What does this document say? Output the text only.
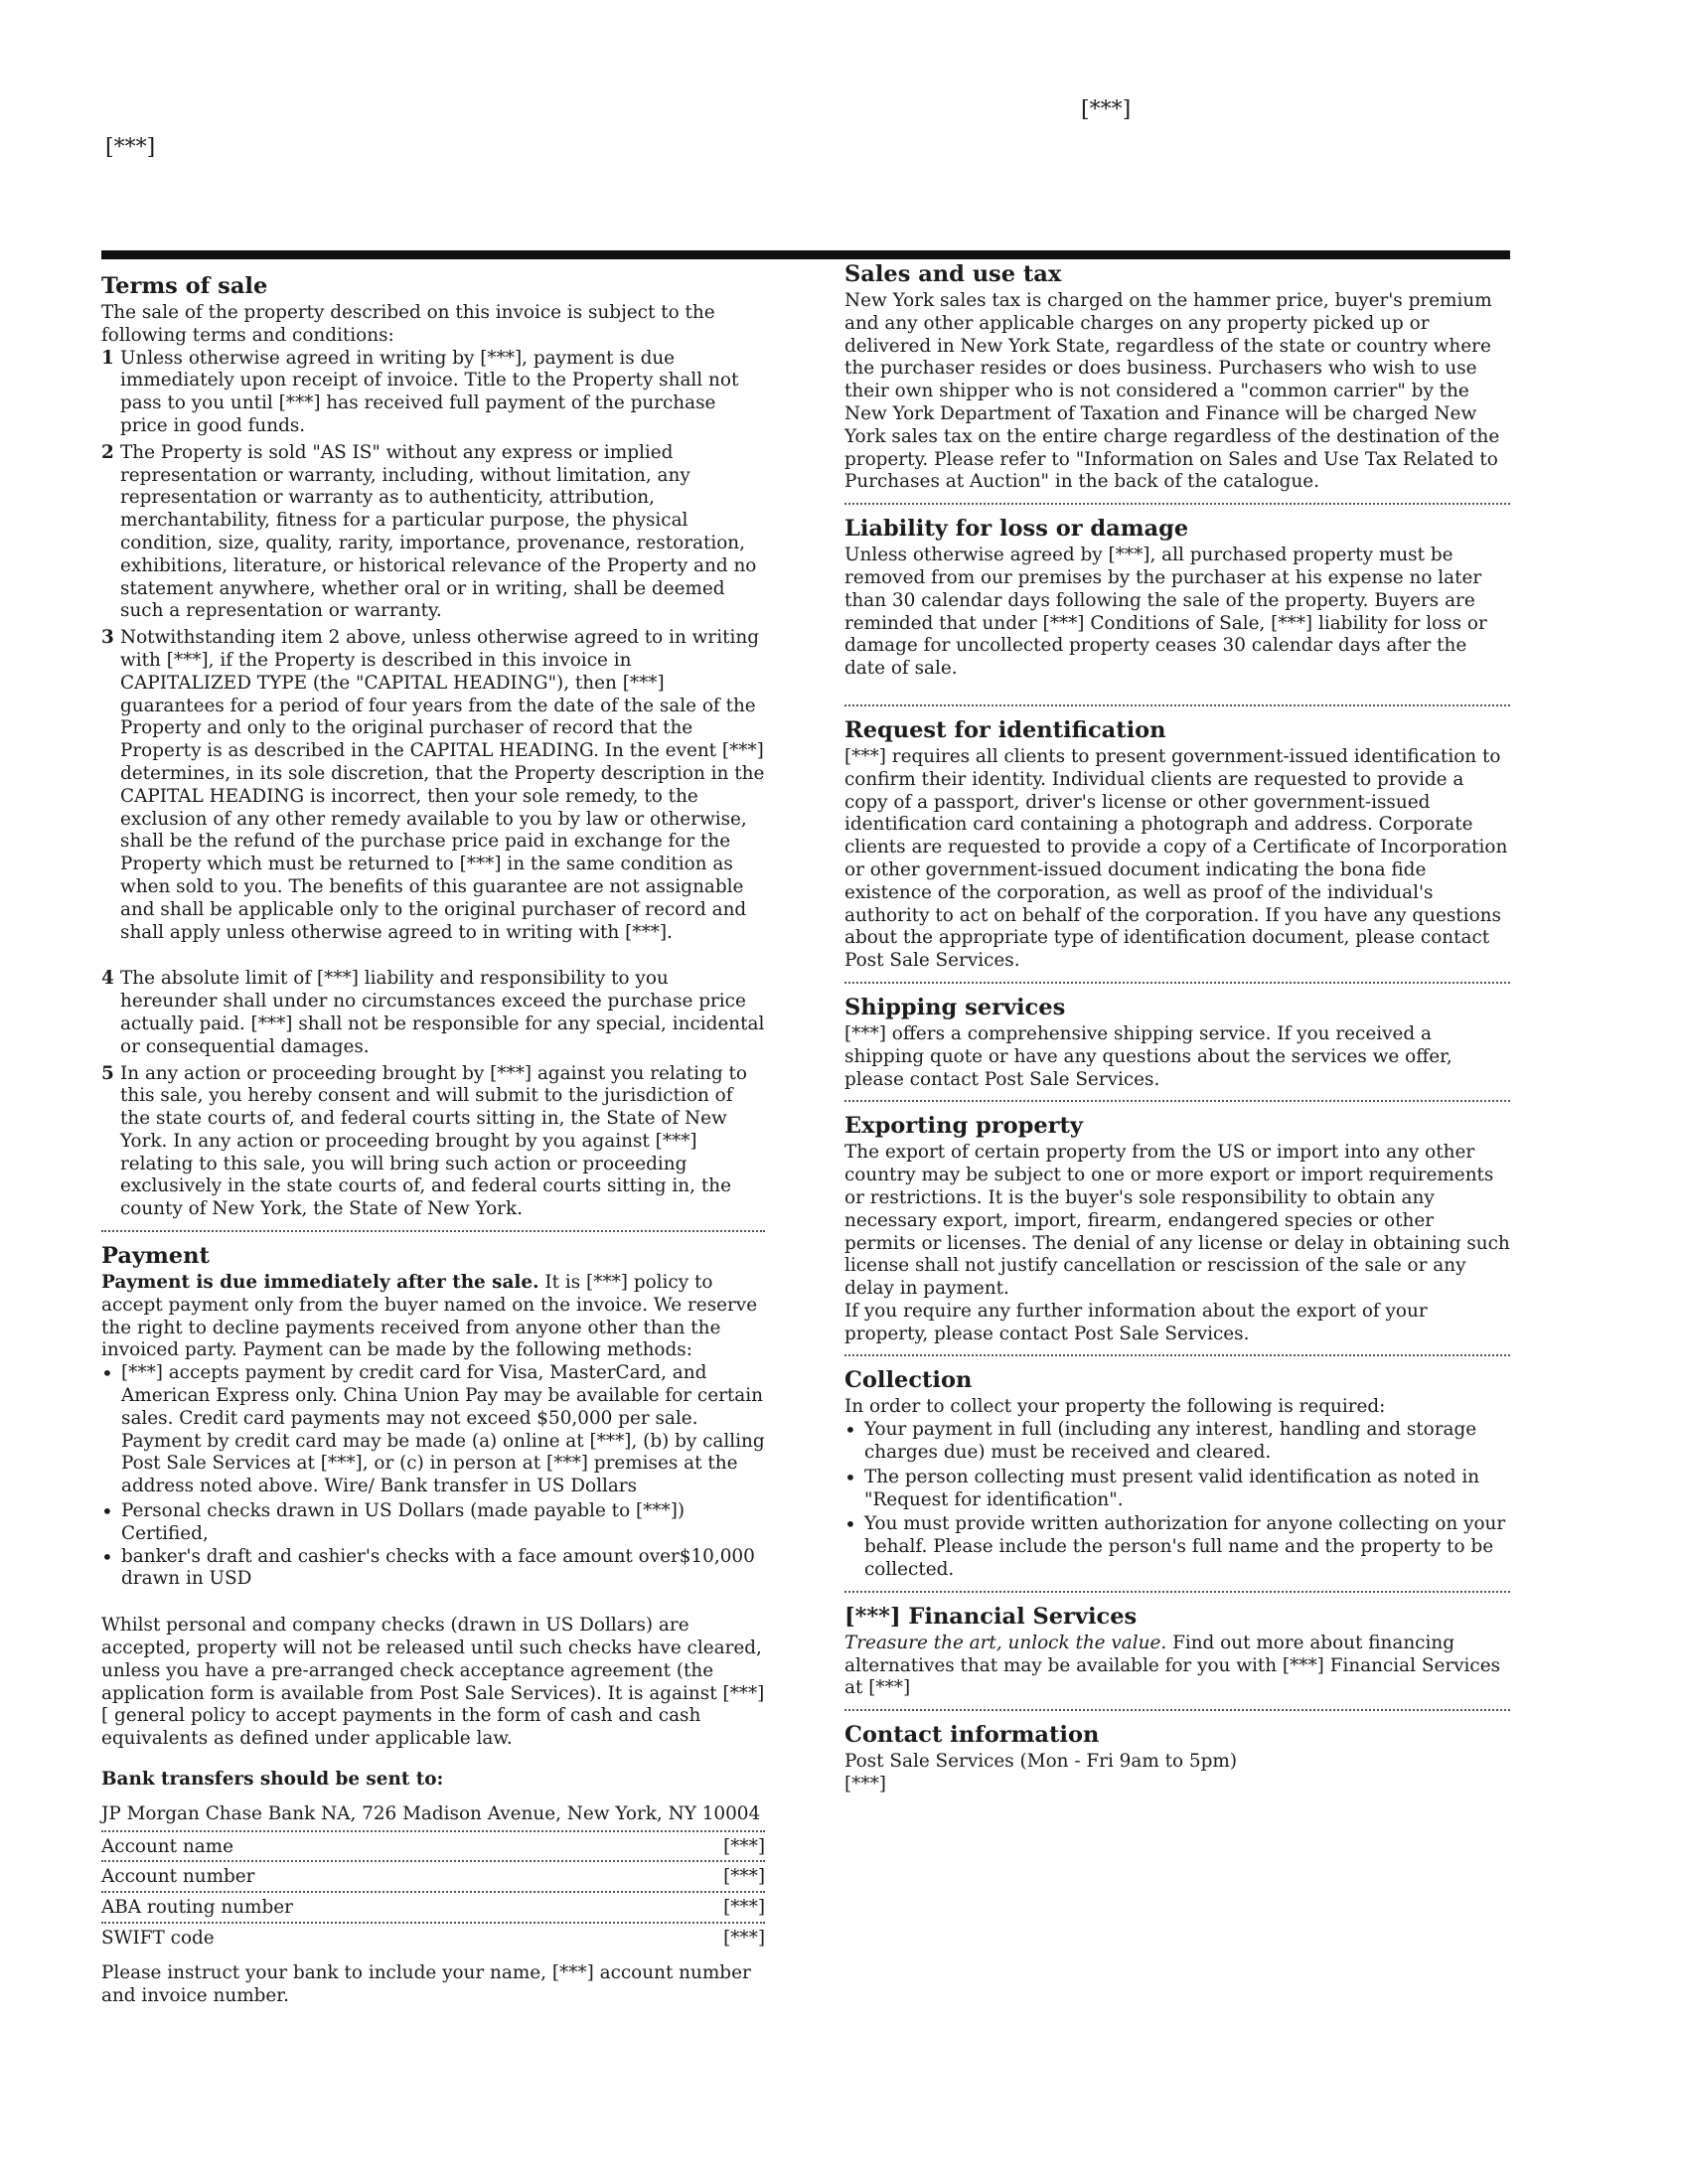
[***]
[***]
Terms of sale

The sale of the property described on this invoice is subject to the following terms and conditions:

1 Unless otherwise agreed in writing by [***], payment is due immediately upon receipt of invoice. Title to the Property shall not pass to you until [***] has received full payment of the purchase price in good funds.
2 The Property is sold "AS IS" without any express or implied representation or warranty, including, without limitation, any representation or warranty as to authenticity, attribution, merchantability, fitness for a particular purpose, the physical condition, size, quality, rarity, importance, provenance, restoration, exhibitions, literature, or historical relevance of the Property and no statement anywhere, whether oral or in writing, shall be deemed such a representation or warranty.
3 Notwithstanding item 2 above, unless otherwise agreed to in writing with [***], if the Property is described in this invoice in CAPITALIZED TYPE (the "CAPITAL HEADING"), then [***] guarantees for a period of four years from the date of the sale of the Property and only to the original purchaser of record that the Property is as described in the CAPITAL HEADING. In the event [***] determines, in its sole discretion, that the Property description in the CAPITAL HEADING is incorrect, then your sole remedy, to the exclusion of any other remedy available to you by law or otherwise, shall be the refund of the purchase price paid in exchange for the Property which must be returned to [***] in the same condition as when sold to you. The benefits of this guarantee are not assignable and shall be applicable only to the original purchaser of record and shall apply unless otherwise agreed to in writing with [***].
4 The absolute limit of [***] liability and responsibility to you hereunder shall under no circumstances exceed the purchase price actually paid. [***] shall not be responsible for any special, incidental or consequential damages.
5 In any action or proceeding brought by [***] against you relating to this sale, you hereby consent and will submit to the jurisdiction of the state courts of, and federal courts sitting in, the State of New York. In any action or proceeding brought by you against [***] relating to this sale, you will bring such action or proceeding exclusively in the state courts of, and federal courts sitting in, the county of New York, the State of New York.
Payment

Payment is due immediately after the sale. It is [***] policy to accept payment only from the buyer named on the invoice. We reserve the right to decline payments received from anyone other than the invoiced party. Payment can be made by the following methods:

• [***] accepts payment by credit card for Visa, MasterCard, and American Express only. China Union Pay may be available for certain sales. Credit card payments may not exceed $50,000 per sale. Payment by credit card may be made (a) online at [***], (b) by calling Post Sale Services at [***], or (c) in person at [***] premises at the address noted above. Wire/ Bank transfer in US Dollars
• Personal checks drawn in US Dollars (made payable to [***]) Certified,
• banker's draft and cashier's checks with a face amount over$10,000 drawn in USD

Whilst personal and company checks (drawn in US Dollars) are accepted, property will not be released until such checks have cleared, unless you have a pre-arranged check acceptance agreement (the application form is available from Post Sale Services). It is against [***][ general policy to accept payments in the form of cash and cash equivalents as defined under applicable law.

Bank transfers should be sent to:

JP Morgan Chase Bank NA, 726 Madison Avenue, New York, NY 10004

Account name	[***]
Account number	[***]
ABA routing number	[***]
SWIFT code	[***]

Please instruct your bank to include your name, [***] account number and invoice number.

Sales and use tax

New York sales tax is charged on the hammer price, buyer's premium and any other applicable charges on any property picked up or delivered in New York State, regardless of the state or country where the purchaser resides or does business. Purchasers who wish to use their own shipper who is not considered a "common carrier" by the New York Department of Taxation and Finance will be charged New York sales tax on the entire charge regardless of the destination of the property. Please refer to "Information on Sales and Use Tax Related to Purchases at Auction" in the back of the catalogue.

Liability for loss or damage

Unless otherwise agreed by [***], all purchased property must be removed from our premises by the purchaser at his expense no later than 30 calendar days following the sale of the property. Buyers are reminded that under [***] Conditions of Sale, [***] liability for loss or damage for uncollected property ceases 30 calendar days after the date of sale.

Request for identification

[***] requires all clients to present government-issued identification to confirm their identity. Individual clients are requested to provide a copy of a passport, driver's license or other government-issued identification card containing a photograph and address. Corporate clients are requested to provide a copy of a Certificate of Incorporation or other government-issued document indicating the bona fide existence of the corporation, as well as proof of the individual's authority to act on behalf of the corporation. If you have any questions about the appropriate type of identification document, please contact Post Sale Services.

Shipping services

[***] offers a comprehensive shipping service. If you received a shipping quote or have any questions about the services we offer, please contact Post Sale Services.

Exporting property

The export of certain property from the US or import into any other country may be subject to one or more export or import requirements or restrictions. It is the buyer's sole responsibility to obtain any necessary export, import, firearm, endangered species or other permits or licenses. The denial of any license or delay in obtaining such license shall not justify cancellation or rescission of the sale or any delay in payment.

If you require any further information about the export of your property, please contact Post Sale Services.

Collection

In order to collect your property the following is required:

• Your payment in full (including any interest, handling and storage charges due) must be received and cleared.
• The person collecting must present valid identification as noted in "Request for identification".
• You must provide written authorization for anyone collecting on your behalf. Please include the person's full name and the property to be collected.
[***] Financial Services

Treasure the art, unlock the value. Find out more about financing alternatives that may be available for you with [***] Financial Services at [***]

Contact information

Post Sale Services (Mon - Fri 9am to 5pm)

[***]
